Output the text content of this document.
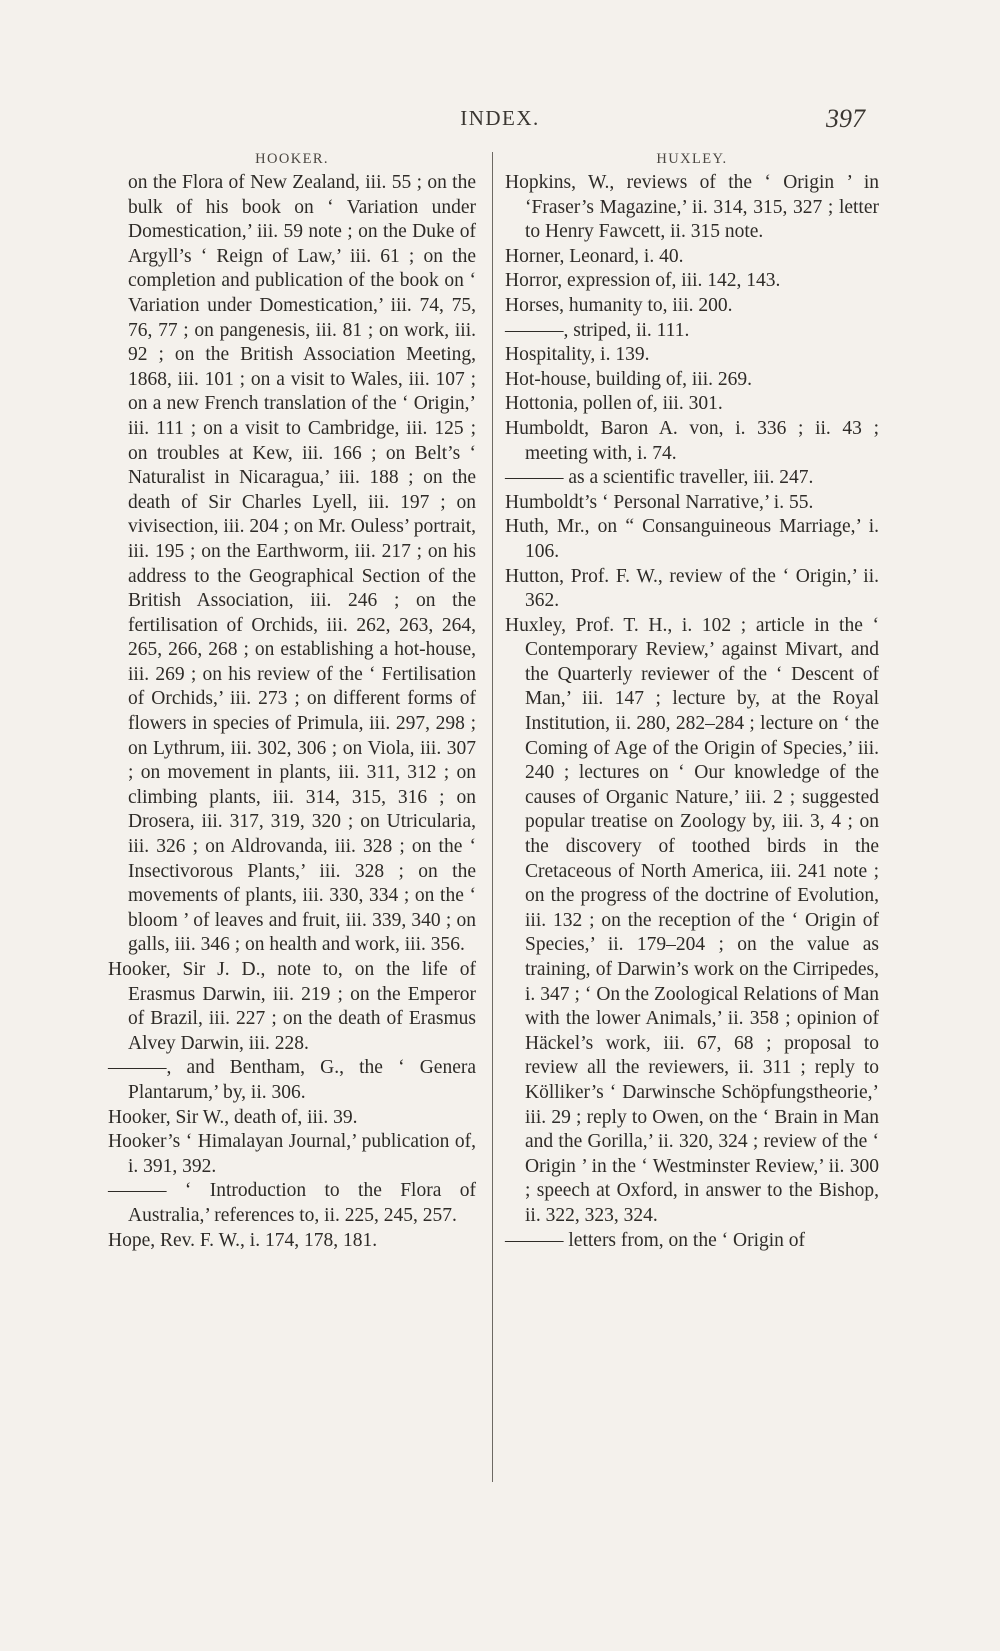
INDEX.	397
HOOKER.
on the Flora of New Zealand, iii. 55 ; on the bulk of his book on ‘ Variation under Domestication,’ iii. 59 note ; on the Duke of Argyll’s ‘ Reign of Law,’ iii. 61 ; on the completion and publication of the book on ‘ Variation under Domestication,’ iii. 74, 75, 76, 77 ; on pangenesis, iii. 81 ; on work, iii. 92 ; on the British Association Meeting, 1868, iii. 101 ; on a visit to Wales, iii. 107 ; on a new French translation of the ‘ Origin,’ iii. 111 ; on a visit to Cambridge, iii. 125 ; on troubles at Kew, iii. 166 ; on Belt’s ‘ Naturalist in Nicaragua,’ iii. 188 ; on the death of Sir Charles Lyell, iii. 197 ; on vivisection, iii. 204 ; on Mr. Ouless’ portrait, iii. 195 ; on the Earthworm, iii. 217 ; on his address to the Geographical Section of the British Association, iii. 246 ; on the fertilisation of Orchids, iii. 262, 263, 264, 265, 266, 268 ; on establishing a hot-house, iii. 269 ; on his review of the ‘ Fertilisation of Orchids,’ iii. 273 ; on different forms of flowers in species of Primula, iii. 297, 298 ; on Lythrum, iii. 302, 306 ; on Viola, iii. 307 ; on movement in plants, iii. 311, 312 ; on climbing plants, iii. 314, 315, 316 ; on Drosera, iii. 317, 319, 320 ; on Utricularia, iii. 326 ; on Aldrovanda, iii. 328 ; on the ‘ Insectivorous Plants,’ iii. 328 ; on the movements of plants, iii. 330, 334 ; on the ‘ bloom ’ of leaves and fruit, iii. 339, 340 ; on galls, iii. 346 ; on health and work, iii. 356.
Hooker, Sir J. D., note to, on the life of Erasmus Darwin, iii. 219 ; on the Emperor of Brazil, iii. 227 ; on the death of Erasmus Alvey Darwin, iii. 228.
———, and Bentham, G., the ‘ Genera Plantarum,’ by, ii. 306.
Hooker, Sir W., death of, iii. 39.
Hooker’s ‘ Himalayan Journal,’ publication of, i. 391, 392.
——— ‘ Introduction to the Flora of Australia,’ references to, ii. 225, 245, 257.
Hope, Rev. F. W., i. 174, 178, 181.
HUXLEY.
Hopkins, W., reviews of the ‘ Origin ’ in ‘Fraser’s Magazine,’ ii. 314, 315, 327 ; letter to Henry Fawcett, ii. 315 note.
Horner, Leonard, i. 40.
Horror, expression of, iii. 142, 143.
Horses, humanity to, iii. 200.
———, striped, ii. 111.
Hospitality, i. 139.
Hot-house, building of, iii. 269.
Hottonia, pollen of, iii. 301.
Humboldt, Baron A. von, i. 336 ; ii. 43 ; meeting with, i. 74.
——— as a scientific traveller, iii. 247.
Humboldt’s ‘ Personal Narrative,’ i. 55.
Huth, Mr., on “ Consanguineous Marriage,’ i. 106.
Hutton, Prof. F. W., review of the ‘ Origin,’ ii. 362.
Huxley, Prof. T. H., i. 102 ; article in the ‘ Contemporary Review,’ against Mivart, and the Quarterly reviewer of the ‘ Descent of Man,’ iii. 147 ; lecture by, at the Royal Institution, ii. 280, 282–284 ; lecture on ‘ the Coming of Age of the Origin of Species,’ iii. 240 ; lectures on ‘ Our knowledge of the causes of Organic Nature,’ iii. 2 ; suggested popular treatise on Zoology by, iii. 3, 4 ; on the discovery of toothed birds in the Cretaceous of North America, iii. 241 note ; on the progress of the doctrine of Evolution, iii. 132 ; on the reception of the ‘ Origin of Species,’ ii. 179–204 ; on the value as training, of Darwin’s work on the Cirripedes, i. 347 ; ‘ On the Zoological Relations of Man with the lower Animals,’ ii. 358 ; opinion of Häckel’s work, iii. 67, 68 ; proposal to review all the reviewers, ii. 311 ; reply to Kölliker’s ‘ Darwinsche Schöpfungstheorie,’ iii. 29 ; reply to Owen, on the ‘ Brain in Man and the Gorilla,’ ii. 320, 324 ; review of the ‘ Origin ’ in the ‘ Westminster Review,’ ii. 300 ; speech at Oxford, in answer to the Bishop, ii. 322, 323, 324.
——— letters from, on the ‘ Origin of
